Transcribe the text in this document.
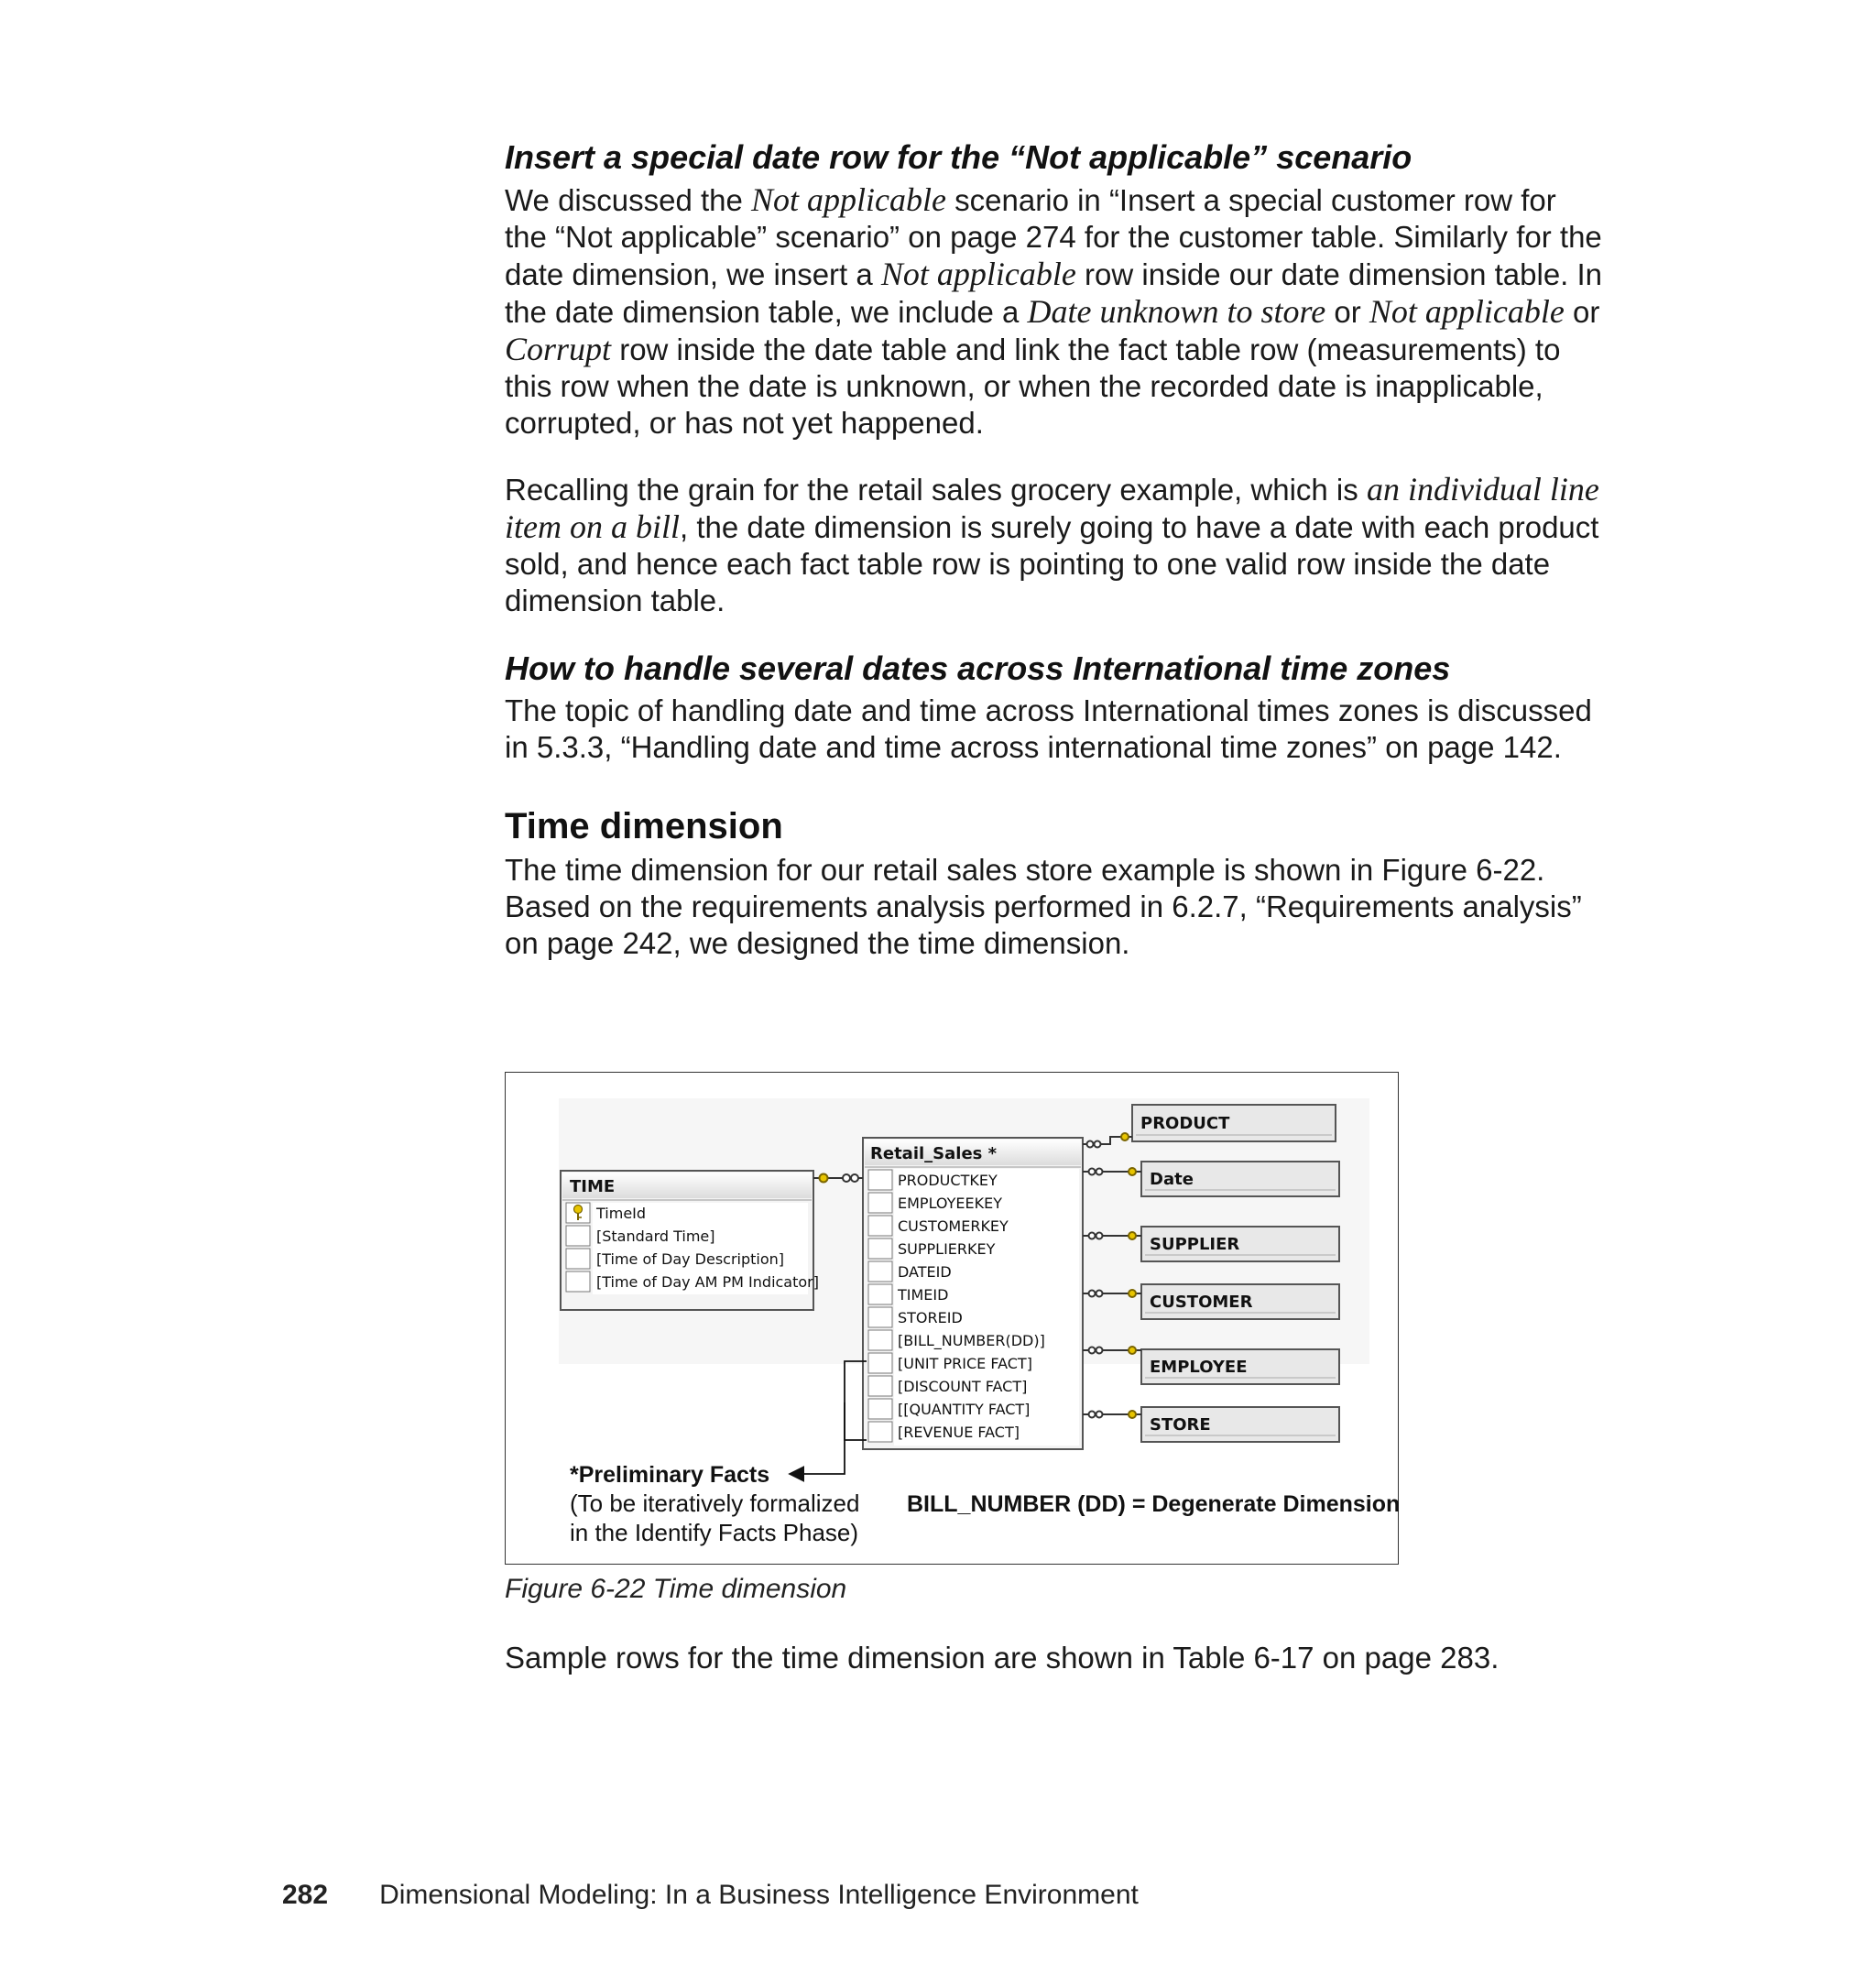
Insert a special date row for the “Not applicable” scenario

We discussed the Not applicable scenario in “Insert a special customer row for the “Not applicable” scenario” on page 274 for the customer table. Similarly for the date dimension, we insert a Not applicable row inside our date dimension table. In the date dimension table, we include a Date unknown to store or Not applicable or Corrupt row inside the date table and link the fact table row (measurements) to this row when the date is unknown, or when the recorded date is inapplicable, corrupted, or has not yet happened.

Recalling the grain for the retail sales grocery example, which is an individual line item on a bill, the date dimension is surely going to have a date with each product sold, and hence each fact table row is pointing to one valid row inside the date dimension table.

How to handle several dates across International time zones

The topic of handling date and time across International times zones is discussed in 5.3.3, “Handling date and time across international time zones” on page 142.

Time dimension

The time dimension for our retail sales store example is shown in Figure 6-22. Based on the requirements analysis performed in 6.2.7, “Requirements analysis” on page 242, we designed the time dimension.

TIME
TimeId
[Standard Time]
[Time of Day Description]
[Time of Day AM PM Indicator]
Retail_Sales *
PRODUCTKEY
EMPLOYEEKEY
CUSTOMERKEY
SUPPLIERKEY
DATEID
TIMEID
STOREID
[BILL_NUMBER(DD)]
[UNIT PRICE FACT]
[DISCOUNT FACT]
[[QUANTITY FACT]
[REVENUE FACT]
PRODUCT
Date
SUPPLIER
CUSTOMER
EMPLOYEE
STORE
*Preliminary Facts
(To be iteratively formalized
in the Identify Facts Phase)
BILL_NUMBER (DD) = Degenerate Dimension
Figure 6-22 Time dimension

Sample rows for the time dimension are shown in Table 6-17 on page 283.

282 Dimensional Modeling: In a Business Intelligence Environment
